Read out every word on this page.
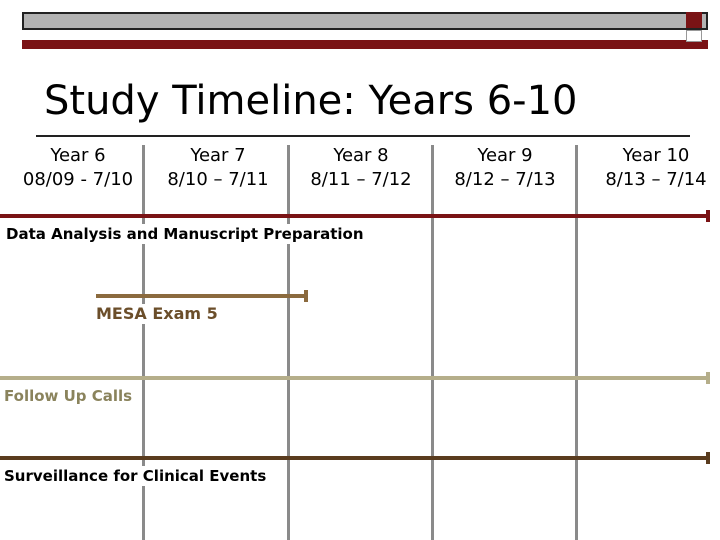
Study Timeline: Years 6-10
Year 6
08/09 - 7/10
Year 7
8/10 – 7/11
Year 8
8/11 – 7/12
Year 9
8/12 – 7/13
Year 10
8/13 – 7/14
Data Analysis and Manuscript Preparation
MESA Exam 5
Follow Up Calls
Surveillance for Clinical Events
